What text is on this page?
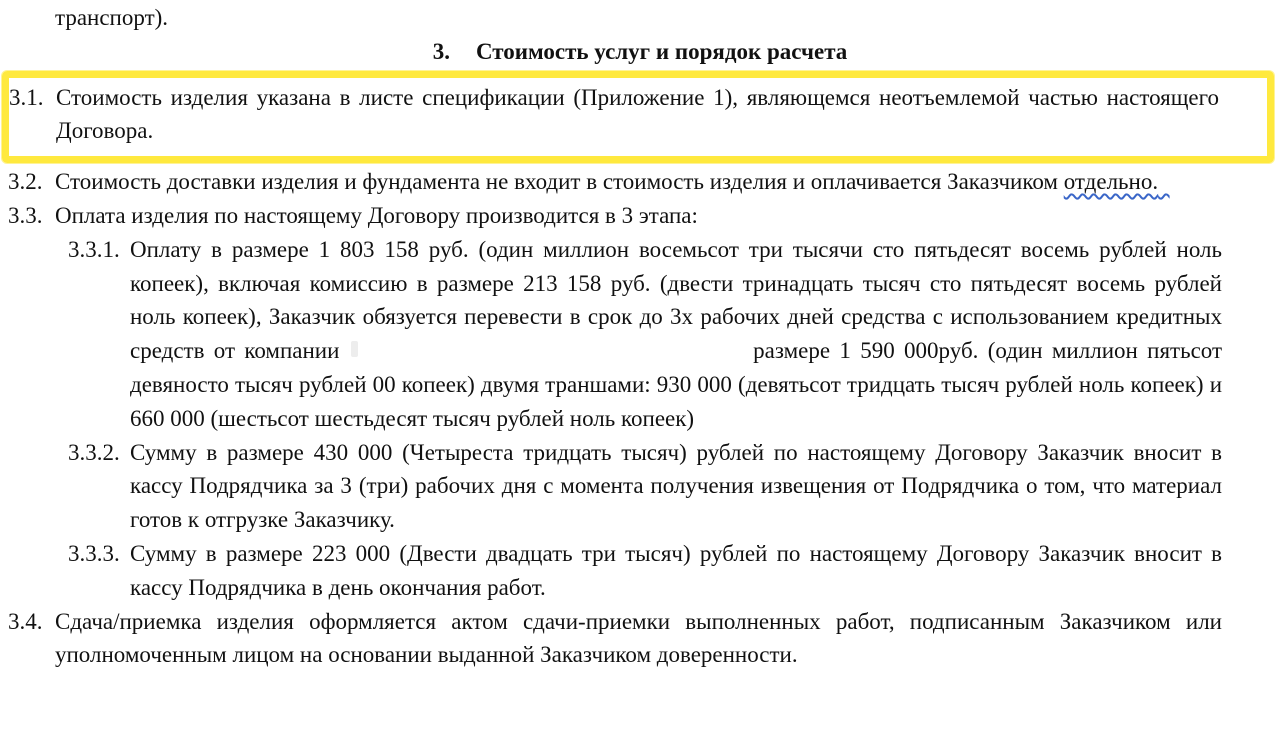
транспорт).
3. Стоимость услуг и порядок расчета
3.1. Стоимость изделия указана в листе спецификации (Приложение 1), являющемся неотъемлемой частью настоящего Договора.
3.2. Стоимость доставки изделия и фундамента не входит в стоимость изделия и оплачивается Заказчиком отдельно.
3.3. Оплата изделия по настоящему Договору производится в 3 этапа:
3.3.1. Оплату в размере 1 803 158 руб. (один миллион восемьсот три тысячи сто пятьдесят восемь рублей ноль копеек), включая комиссию в размере 213 158 руб. (двести тринадцать тысяч сто пятьдесят восемь рублей ноль копеек), Заказчик обязуется перевести в срок до 3х рабочих дней средства с использованием кредитных средств от компании	размере 1 590 000руб. (один миллион пятьсот девяносто тысяч рублей 00 копеек) двумя траншами: 930 000 (девятьсот тридцать тысяч рублей ноль копеек) и 660 000 (шестьсот шестьдесят тысяч рублей ноль копеек)
3.3.2. Сумму в размере 430 000 (Четыреста тридцать тысяч) рублей по настоящему Договору Заказчик вносит в кассу Подрядчика за 3 (три) рабочих дня с момента получения извещения от Подрядчика о том, что материал готов к отгрузке Заказчику.
3.3.3. Сумму в размере 223 000 (Двести двадцать три тысяч) рублей по настоящему Договору Заказчик вносит в кассу Подрядчика в день окончания работ.
3.4. Сдача/приемка изделия оформляется актом сдачи-приемки выполненных работ, подписанным Заказчиком или уполномоченным лицом на основании выданной Заказчиком доверенности.
